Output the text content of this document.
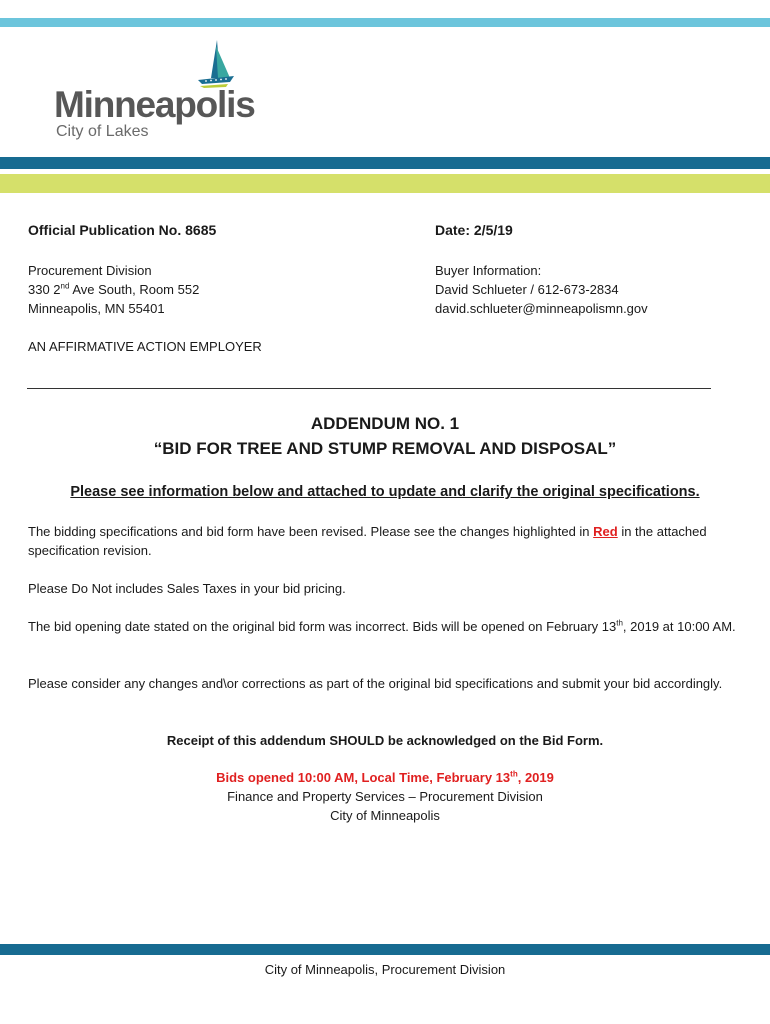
Minneapolis
City of Lakes
Official Publication No. 8685	Date: 2/5/19
Procurement Division
330 2nd Ave South, Room 552
Minneapolis, MN 55401
Buyer Information:
David Schlueter / 612-673-2834
david.schlueter@minneapolismn.gov
AN AFFIRMATIVE ACTION EMPLOYER
ADDENDUM NO. 1
“BID FOR TREE AND STUMP REMOVAL AND DISPOSAL”
Please see information below and attached to update and clarify the original specifications.
The bidding specifications and bid form have been revised. Please see the changes highlighted in Red in the attached specification revision.
Please Do Not includes Sales Taxes in your bid pricing.
The bid opening date stated on the original bid form was incorrect. Bids will be opened on February 13th, 2019 at 10:00 AM.
Please consider any changes and\or corrections as part of the original bid specifications and submit your bid accordingly.
Receipt of this addendum SHOULD be acknowledged on the Bid Form.
Bids opened 10:00 AM, Local Time, February 13th, 2019
Finance and Property Services – Procurement Division
City of Minneapolis
City of Minneapolis, Procurement Division
